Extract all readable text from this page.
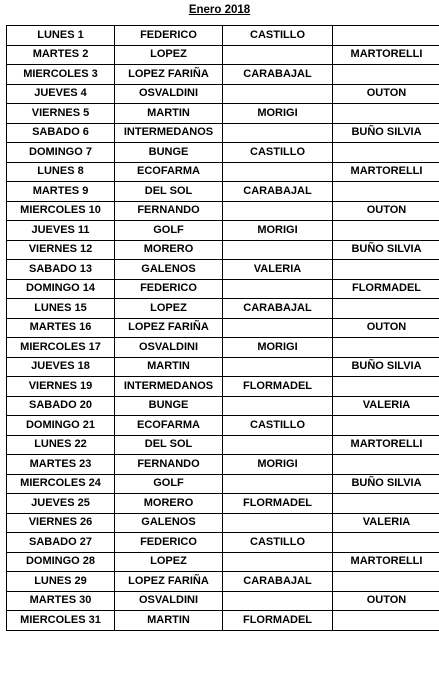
Enero 2018
LUNES 1	FEDERICO	CASTILLO	
MARTES 2	LOPEZ		MARTORELLI
MIERCOLES 3	LOPEZ FARIÑA	CARABAJAL	
JUEVES 4	OSVALDINI		OUTON
VIERNES 5	MARTIN	MORIGI	
SABADO 6	INTERMEDANOS		BUÑO SILVIA
DOMINGO 7	BUNGE	CASTILLO	
LUNES 8	ECOFARMA		MARTORELLI
MARTES 9	DEL SOL	CARABAJAL	
MIERCOLES 10	FERNANDO		OUTON
JUEVES 11	GOLF	MORIGI	
VIERNES 12	MORERO		BUÑO SILVIA
SABADO 13	GALENOS	VALERIA	
DOMINGO 14	FEDERICO		FLORMADEL
LUNES 15	LOPEZ	CARABAJAL	
MARTES 16	LOPEZ FARIÑA		OUTON
MIERCOLES 17	OSVALDINI	MORIGI	
JUEVES 18	MARTIN		BUÑO SILVIA
VIERNES 19	INTERMEDANOS	FLORMADEL	
SABADO 20	BUNGE		VALERIA
DOMINGO 21	ECOFARMA	CASTILLO	
LUNES 22	DEL SOL		MARTORELLI
MARTES 23	FERNANDO	MORIGI	
MIERCOLES 24	GOLF		BUÑO SILVIA
JUEVES 25	MORERO	FLORMADEL	
VIERNES 26	GALENOS		VALERIA
SABADO 27	FEDERICO	CASTILLO	
DOMINGO 28	LOPEZ		MARTORELLI
LUNES 29	LOPEZ FARIÑA	CARABAJAL	
MARTES 30	OSVALDINI		OUTON
MIERCOLES 31	MARTIN	FLORMADEL	
